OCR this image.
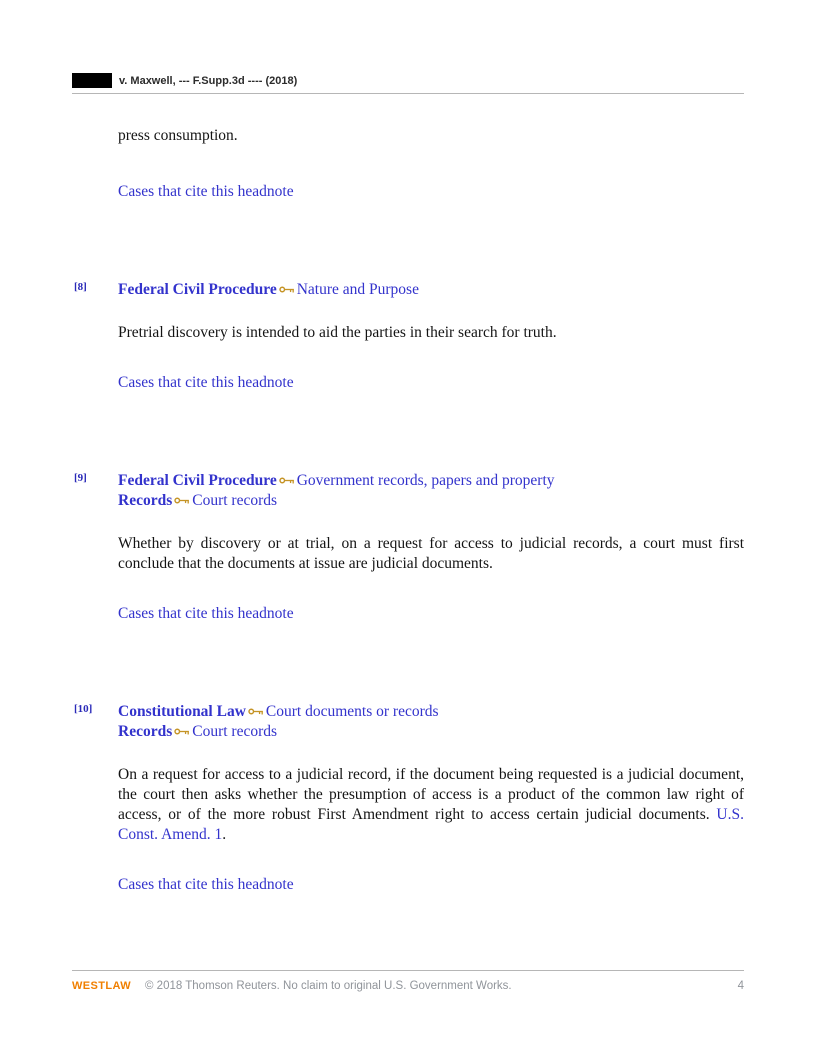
v. Maxwell, --- F.Supp.3d ---- (2018)

press consumption.

Cases that cite this headnote
[8] Federal Civil Procedure Nature and Purpose

Pretrial discovery is intended to aid the parties in their search for truth.

Cases that cite this headnote
[9] Federal Civil Procedure Government records, papers and property
Records Court records

Whether by discovery or at trial, on a request for access to judicial records, a court must first conclude that the documents at issue are judicial documents.

Cases that cite this headnote
[10] Constitutional Law Court documents or records
Records Court records

On a request for access to a judicial record, if the document being requested is a judicial document, the court then asks whether the presumption of access is a product of the common law right of access, or of the more robust First Amendment right to access certain judicial documents. U.S. Const. Amend. 1.

Cases that cite this headnote
WESTLAW © 2018 Thomson Reuters. No claim to original U.S. Government Works.	4
